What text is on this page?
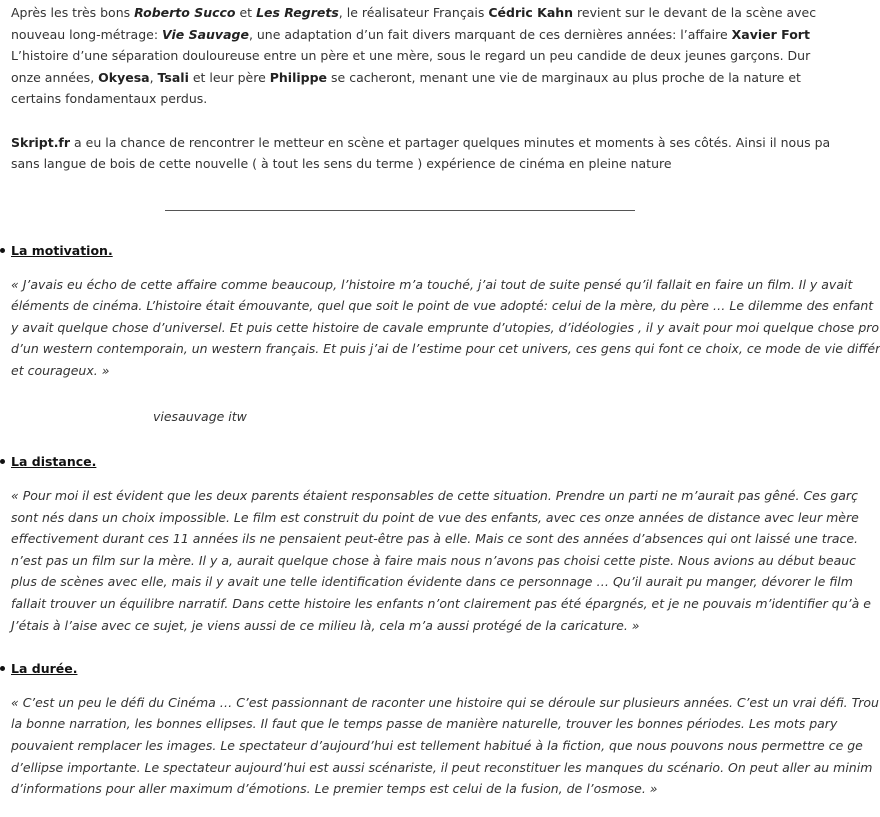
Après les très bons Roberto Succo et Les Regrets, le réalisateur Français Cédric Kahn revient sur le devant de la scène avec
nouveau long-métrage: Vie Sauvage, une adaptation d’un fait divers marquant de ces dernières années: l’affaire Xavier Fort
L’histoire d’une séparation douloureuse entre un père et une mère, sous le regard un peu candide de deux jeunes garçons. Dur
onze années, Okyesa, Tsali et leur père Philippe se cacheront, menant une vie de marginaux au plus proche de la nature et
certains fondamentaux perdus.
Skript.fr a eu la chance de rencontrer le metteur en scène et partager quelques minutes et moments à ses côtés. Ainsi il nous pa
sans langue de bois de cette nouvelle ( à tout les sens du terme ) expérience de cinéma en pleine nature
La motivation.
« J’avais eu écho de cette affaire comme beaucoup, l’histoire m’a touché, j’ai tout de suite pensé qu’il fallait en faire un film. Il y avait
éléments de cinéma. L’histoire était émouvante, quel que soit le point de vue adopté: celui de la mère, du père … Le dilemme des enfant
y avait quelque chose d’universel. Et puis cette histoire de cavale emprunte d’utopies, d’idéologies , il y avait pour moi quelque chose pro
d’un western contemporain, un western français. Et puis j’ai de l’estime pour cet univers, ces gens qui font ce choix, ce mode de vie différ
et courageux. »
viesauvage itw
La distance.
« Pour moi il est évident que les deux parents étaient responsables de cette situation. Prendre un parti ne m’aurait pas gêné. Ces garç
sont nés dans un choix impossible. Le film est construit du point de vue des enfants, avec ces onze années de distance avec leur mère
effectivement durant ces 11 années ils ne pensaient peut-être pas à elle. Mais ce sont des années d’absences qui ont laissé une trace.
n’est pas un film sur la mère. Il y a, aurait quelque chose à faire mais nous n’avons pas choisi cette piste. Nous avions au début beauc
plus de scènes avec elle, mais il y avait une telle identification évidente dans ce personnage … Qu’il aurait pu manger, dévorer le film
fallait trouver un équilibre narratif. Dans cette histoire les enfants n’ont clairement pas été épargnés, et je ne pouvais m’identifier qu’à e
J’étais à l’aise avec ce sujet, je viens aussi de ce milieu là, cela m’a aussi protégé de la caricature. »
La durée.
« C’est un peu le défi du Cinéma … C’est passionnant de raconter une histoire qui se déroule sur plusieurs années. C’est un vrai défi. Trou
la bonne narration, les bonnes ellipses. Il faut que le temps passe de manière naturelle, trouver les bonnes périodes. Les mots pary
pouvaient remplacer les images. Le spectateur d’aujourd’hui est tellement habitué à la fiction, que nous pouvons nous permettre ce ge
d’ellipse importante. Le spectateur aujourd’hui est aussi scénariste, il peut reconstituer les manques du scénario. On peut aller au minim
d’informations pour aller maximum d’émotions. Le premier temps est celui de la fusion, de l’osmose. »
